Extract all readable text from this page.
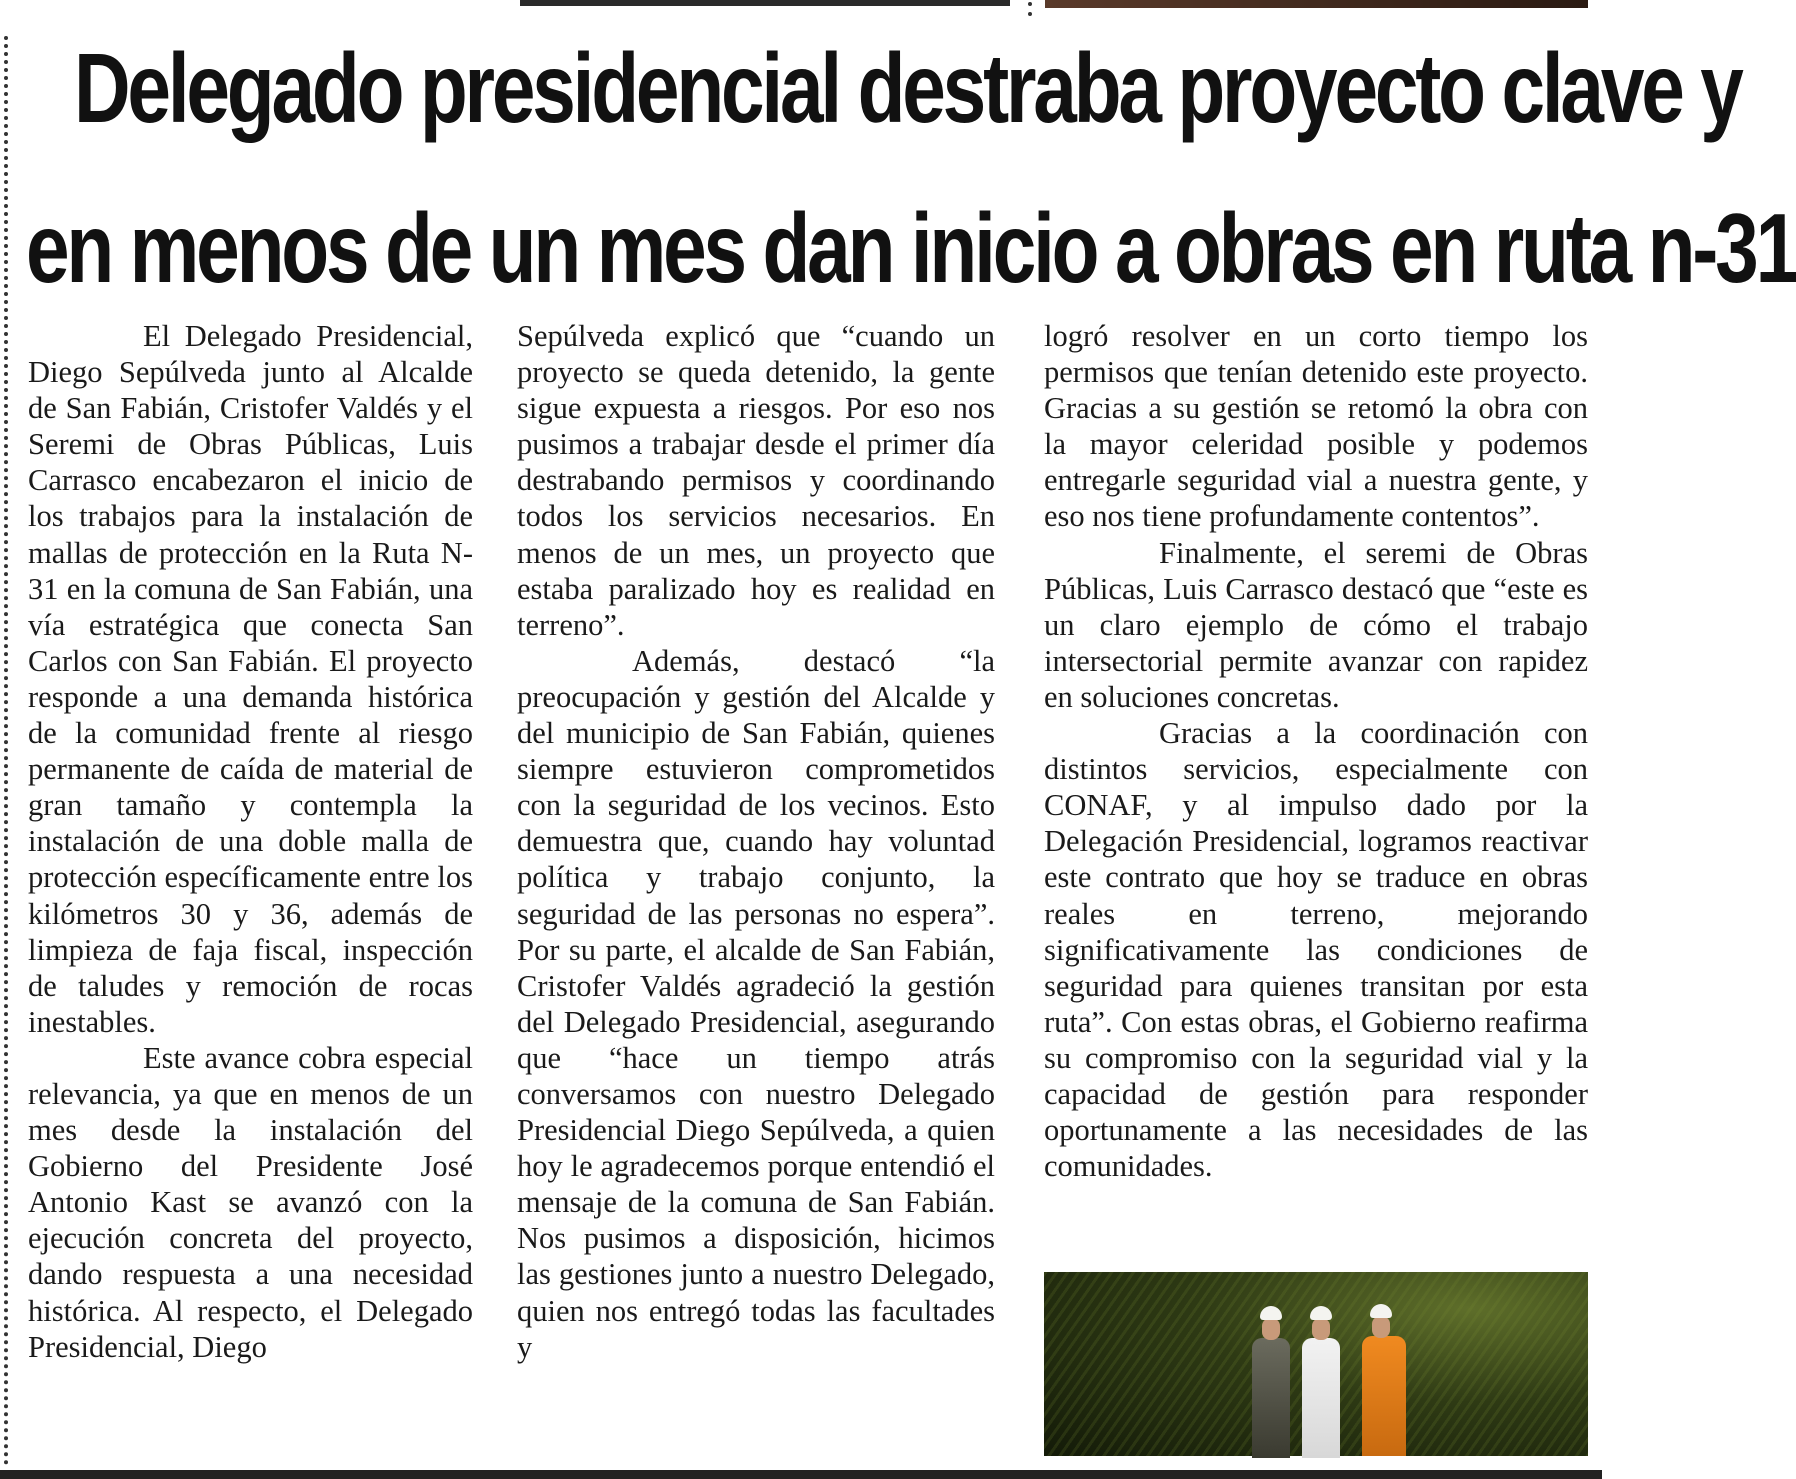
Delegado presidencial destraba proyecto clave y
en menos de un mes dan inicio a obras en ruta n-31

El Delegado Presidencial, Diego Sepúlveda junto al Alcalde de San Fabián, Cristofer Valdés y el Seremi de Obras Públicas, Luis Carrasco encabezaron el inicio de los trabajos para la instalación de mallas de protección en la Ruta N-31 en la comuna de San Fabián, una vía estratégica que conecta San Carlos con San Fabián. El proyecto responde a una demanda histórica de la comunidad frente al riesgo permanente de caída de material de gran tamaño y contempla la instalación de una doble malla de protección específicamente entre los kilómetros 30 y 36, además de limpieza de faja fiscal, inspección de taludes y remoción de rocas inestables.

Este avance cobra especial relevancia, ya que en menos de un mes desde la instalación del Gobierno del Presidente José Antonio Kast se avanzó con la ejecución concreta del proyecto, dando respuesta a una necesidad histórica. Al respecto, el Delegado Presidencial, Diego

Sepúlveda explicó que “cuando un proyecto se queda detenido, la gente sigue expuesta a riesgos. Por eso nos pusimos a trabajar desde el primer día destrabando permisos y coordinando todos los servicios necesarios. En menos de un mes, un proyecto que estaba paralizado hoy es realidad en terreno”.

Además, destacó “la preocupación y gestión del Alcalde y del municipio de San Fabián, quienes siempre estuvieron comprometidos con la seguridad de los vecinos. Esto demuestra que, cuando hay voluntad política y trabajo conjunto, la seguridad de las personas no espera”. Por su parte, el alcalde de San Fabián, Cristofer Valdés agradeció la gestión del Delegado Presidencial, asegurando que “hace un tiempo atrás conversamos con nuestro Delegado Presidencial Diego Sepúlveda, a quien hoy le agradecemos porque entendió el mensaje de la comuna de San Fabián. Nos pusimos a disposición, hicimos las gestiones junto a nuestro Delegado, quien nos entregó todas las facultades y

logró resolver en un corto tiempo los permisos que tenían detenido este proyecto. Gracias a su gestión se retomó la obra con la mayor celeridad posible y podemos entregarle seguridad vial a nuestra gente, y eso nos tiene profundamente contentos”.

Finalmente, el seremi de Obras Públicas, Luis Carrasco destacó que “este es un claro ejemplo de cómo el trabajo intersectorial permite avanzar con rapidez en soluciones concretas.

Gracias a la coordinación con distintos servicios, especialmente con CONAF, y al impulso dado por la Delegación Presidencial, logramos reactivar este contrato que hoy se traduce en obras reales en terreno, mejorando significativamente las condiciones de seguridad para quienes transitan por esta ruta”. Con estas obras, el Gobierno reafirma su compromiso con la seguridad vial y la capacidad de gestión para responder oportunamente a las necesidades de las comunidades.
